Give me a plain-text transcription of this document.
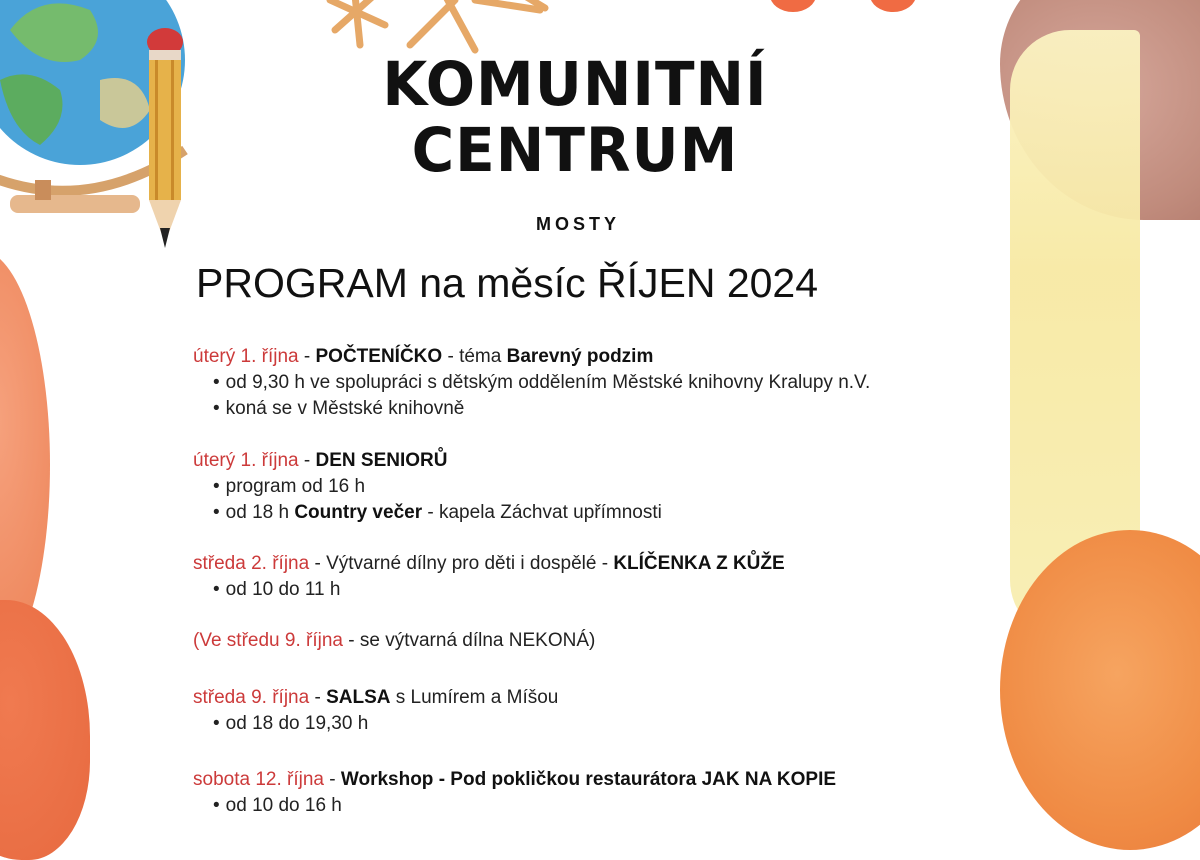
KOMUNITNÍ
CENTRUM
MOSTY
PROGRAM na měsíc ŘÍJEN 2024
úterý 1. října - POČTENÍČKO - téma Barevný podzim
• od 9,30 h ve spolupráci s dětským oddělením Městské knihovny Kralupy n.V.
• koná se v Městské knihovně
úterý 1. října - DEN SENIORŮ
• program od 16 h
• od 18 h Country večer - kapela Záchvat upřímnosti
středa 2. října - Výtvarné dílny pro děti i dospělé - KLÍČENKA Z KŮŽE
• od 10 do 11 h
(Ve středu 9. října - se výtvarná dílna NEKONÁ)
středa 9. října - SALSA s Lumírem a Míšou
• od 18 do 19,30 h
sobota 12. října - Workshop - Pod pokličkou restaurátora JAK NA KOPIE
• od 10 do 16 h
